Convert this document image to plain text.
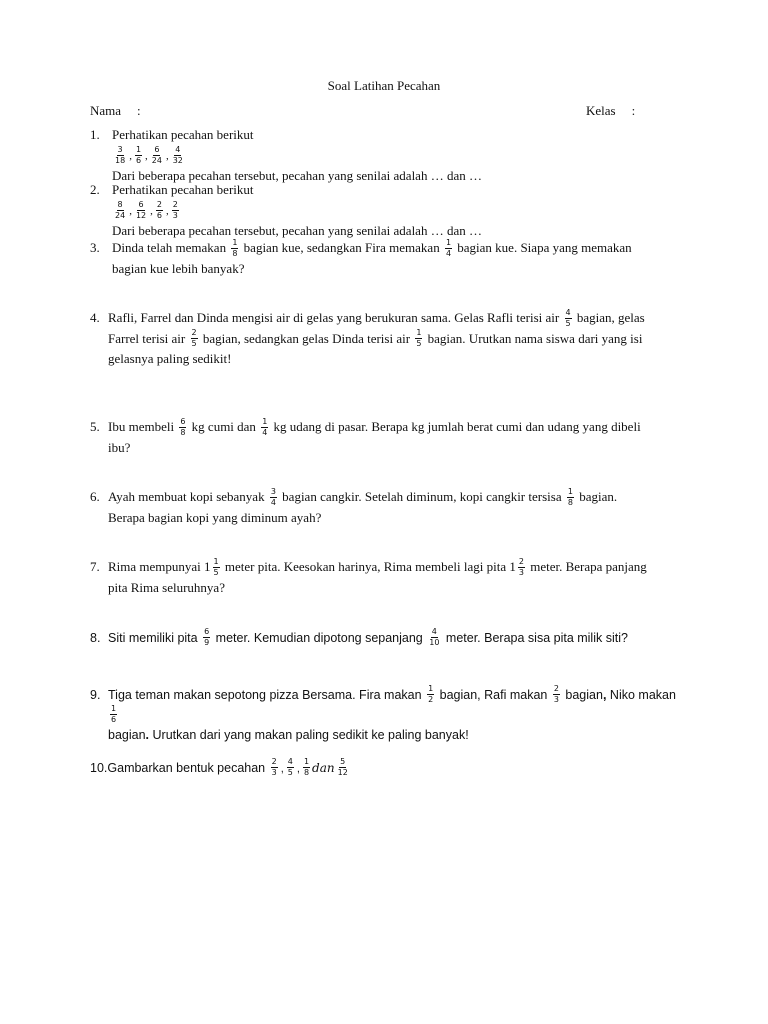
Soal Latihan Pecahan
Nama :	Kelas :
1. Perhatikan pecahan berikut
$\frac{3}{18}$ , $\frac{1}{6}$ , $\frac{6}{24}$ , $\frac{4}{32}$
Dari beberapa pecahan tersebut, pecahan yang senilai adalah … dan …
2. Perhatikan pecahan berikut
$\frac{8}{24}$ , $\frac{6}{12}$ , $\frac{2}{6}$ , $\frac{2}{3}$
Dari beberapa pecahan tersebut, pecahan yang senilai adalah … dan …
3. Dinda telah memakan $\frac{1}{8}$ bagian kue, sedangkan Fira memakan $\frac{1}{4}$ bagian kue. Siapa yang memakan
bagian kue lebih banyak?
4. Rafli, Farrel dan Dinda mengisi air di gelas yang berukuran sama. Gelas Rafli terisi air $\frac{4}{5}$ bagian, gelas
Farrel terisi air $\frac{2}{5}$ bagian, sedangkan gelas Dinda terisi air $\frac{1}{5}$ bagian. Urutkan nama siswa dari yang isi
gelasnya paling sedikit!
5. Ibu membeli $\frac{6}{8}$ kg cumi dan $\frac{1}{4}$ kg udang di pasar. Berapa kg jumlah berat cumi dan udang yang dibeli
ibu?
6. Ayah membuat kopi sebanyak $\frac{3}{4}$ bagian cangkir. Setelah diminum, kopi cangkir tersisa $\frac{1}{8}$ bagian.
Berapa bagian kopi yang diminum ayah?
7. Rima mempunyai $1 \frac{1}{5}$ meter pita. Keesokan harinya, Rima membeli lagi pita $1 \frac{2}{3}$ meter. Berapa panjang
pita Rima seluruhnya?
8. Siti memiliki pita $\frac{6}{9}$ meter. Kemudian dipotong sepanjang $\frac{4}{10}$ meter. Berapa sisa pita milik siti?
9. Tiga teman makan sepotong pizza Bersama. Fira makan $\frac{1}{2}$ bagian, Rafi makan $\frac{2}{3}$ bagian, Niko makan
$\frac{1}{6}$
bagian. Urutkan dari yang makan paling sedikit ke paling banyak!
10.Gambarkan bentuk pecahan $\frac{2}{3}$ , $\frac{4}{5}$ , $\frac{1}{8}$ dan $\frac{5}{12}$
